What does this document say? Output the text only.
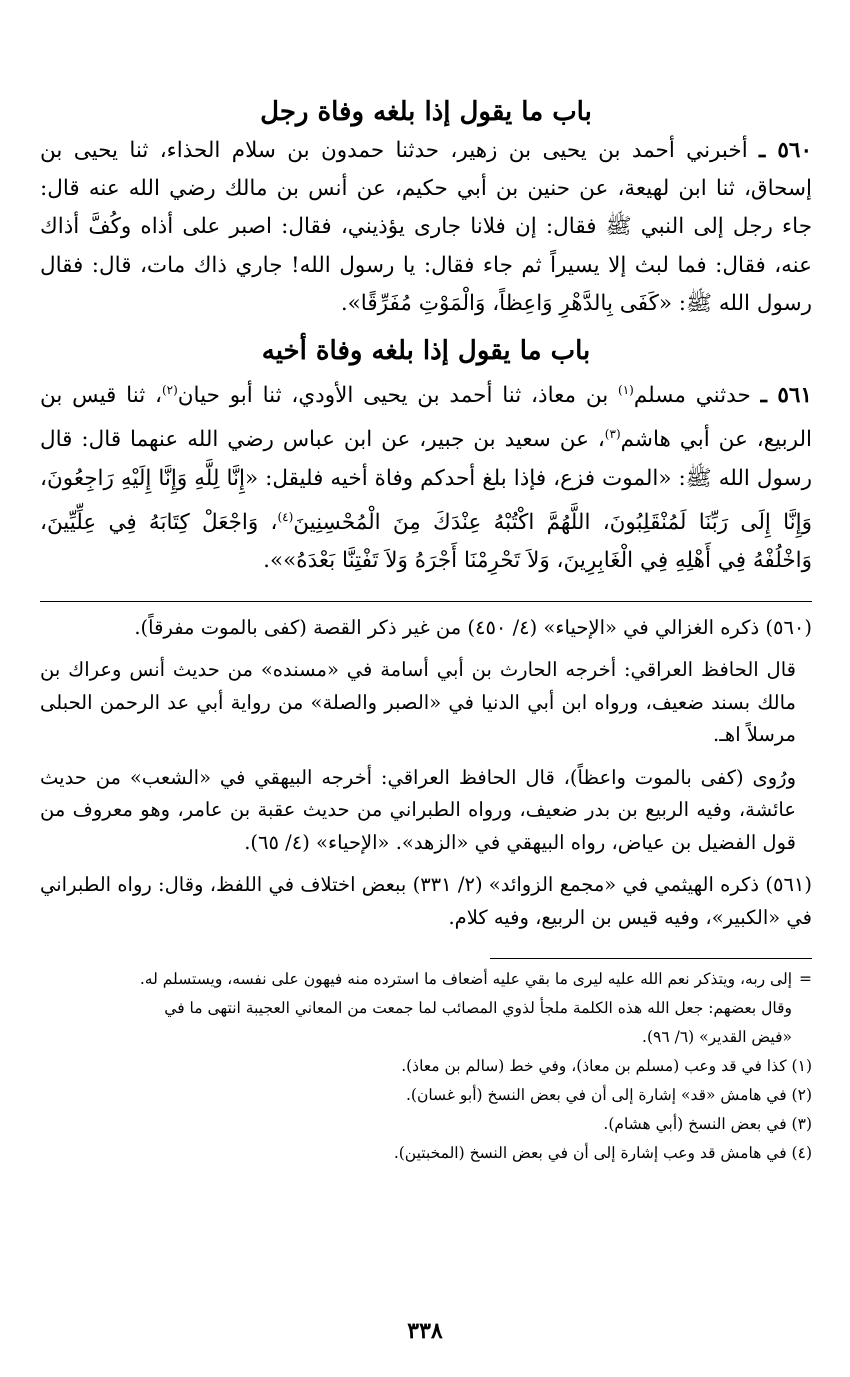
باب ما يقول إذا بلغه وفاة رجل

٥٦٠ ـ أخبرني أحمد بن يحيى بن زهير، حدثنا حمدون بن سلام الحذاء، ثنا يحيى بن إسحاق، ثنا ابن لهيعة، عن حنين بن أبي حكيم، عن أنس بن مالك رضي الله عنه قال: جاء رجل إلى النبي ﷺ فقال: إن فلانا جارى يؤذيني، فقال: اصبر على أذاه وكُفَّ أذاك عنه، فقال: فما لبث إلا يسيراً ثم جاء فقال: يا رسول الله! جاري ذاك مات، قال: فقال رسول الله ﷺ: «كَفَى بِالدَّهْرِ وَاعِظاً، وَالْمَوْتِ مُفَرِّقًا».

باب ما يقول إذا بلغه وفاة أخيه

٥٦١ ـ حدثني مسلم$^{(١)}$ بن معاذ، ثنا أحمد بن يحيى الأودي، ثنا أبو حيان$^{(٢)}$، ثنا قيس بن الربيع، عن أبي هاشم$^{(٣)}$، عن سعيد بن جبير، عن ابن عباس رضي الله عنهما قال: قال رسول الله ﷺ: «الموت فزع، فإذا بلغ أحدكم وفاة أخيه فليقل: «إِنَّا لِلَّهِ وَإِنَّا إِلَيْهِ رَاجِعُونَ، وَإِنَّا إِلَى رَبِّنَا لَمُنْقَلِبُونَ، اللَّهُمَّ اكْتُبْهُ عِنْدَكَ مِنَ الْمُحْسِنِينَ$^{(٤)}$، وَاجْعَلْ كِتَابَهُ فِي عِلِّيِّينَ، وَاخْلُفْهُ فِي أَهْلِهِ فِي الْغَابِرِينَ، وَلاَ تَحْرِمْنَا أَجْرَهُ وَلاَ تَفْتِنَّا بَعْدَهُ»».

(٥٦٠) ذكره الغزالي في «الإحياء» (٤/ ٤٥٠) من غير ذكر القصة (كفى بالموت مفرقاً).

قال الحافظ العراقي: أخرجه الحارث بن أبي أسامة في «مسنده» من حديث أنس وعراك بن مالك بسند ضعيف، ورواه ابن أبي الدنيا في «الصبر والصلة» من رواية أبي عد الرحمن الحبلى مرسلاً اهـ.

ورُوى (كفى بالموت واعظاً)، قال الحافظ العراقي: أخرجه البيهقي في «الشعب» من حديث عائشة، وفيه الربيع بن بدر ضعيف، ورواه الطبراني من حديث عقبة بن عامر، وهو معروف من قول الفضيل بن عياض، رواه البيهقي في «الزهد». «الإحياء» (٤/ ٦٥).

(٥٦١) ذكره الهيثمي في «مجمع الزوائد» (٢/ ٣٣١) ببعض اختلاف في اللفظ، وقال: رواه الطبراني في «الكبير»، وفيه قيس بن الربيع، وفيه كلام.

=
إلى ربه، ويتذكر نعم الله عليه ليرى ما بقي عليه أضعاف ما استرده منه فيهون على نفسه، ويستسلم له.
وقال بعضهم: جعل الله هذه الكلمة ملجأ لذوي المصائب لما جمعت من المعاني العجيبة انتهى ما في
«فيض القدير» (٦/ ٩٦).

(١) كذا في قد وعب (مسلم بن معاذ)، وفي خط (سالم بن معاذ).

(٢) في هامش «قد» إشارة إلى أن في بعض النسخ (أبو غسان).

(٣) في بعض النسخ (أبي هشام).

(٤) في هامش قد وعب إشارة إلى أن في بعض النسخ (المخبتين).

٣٣٨
